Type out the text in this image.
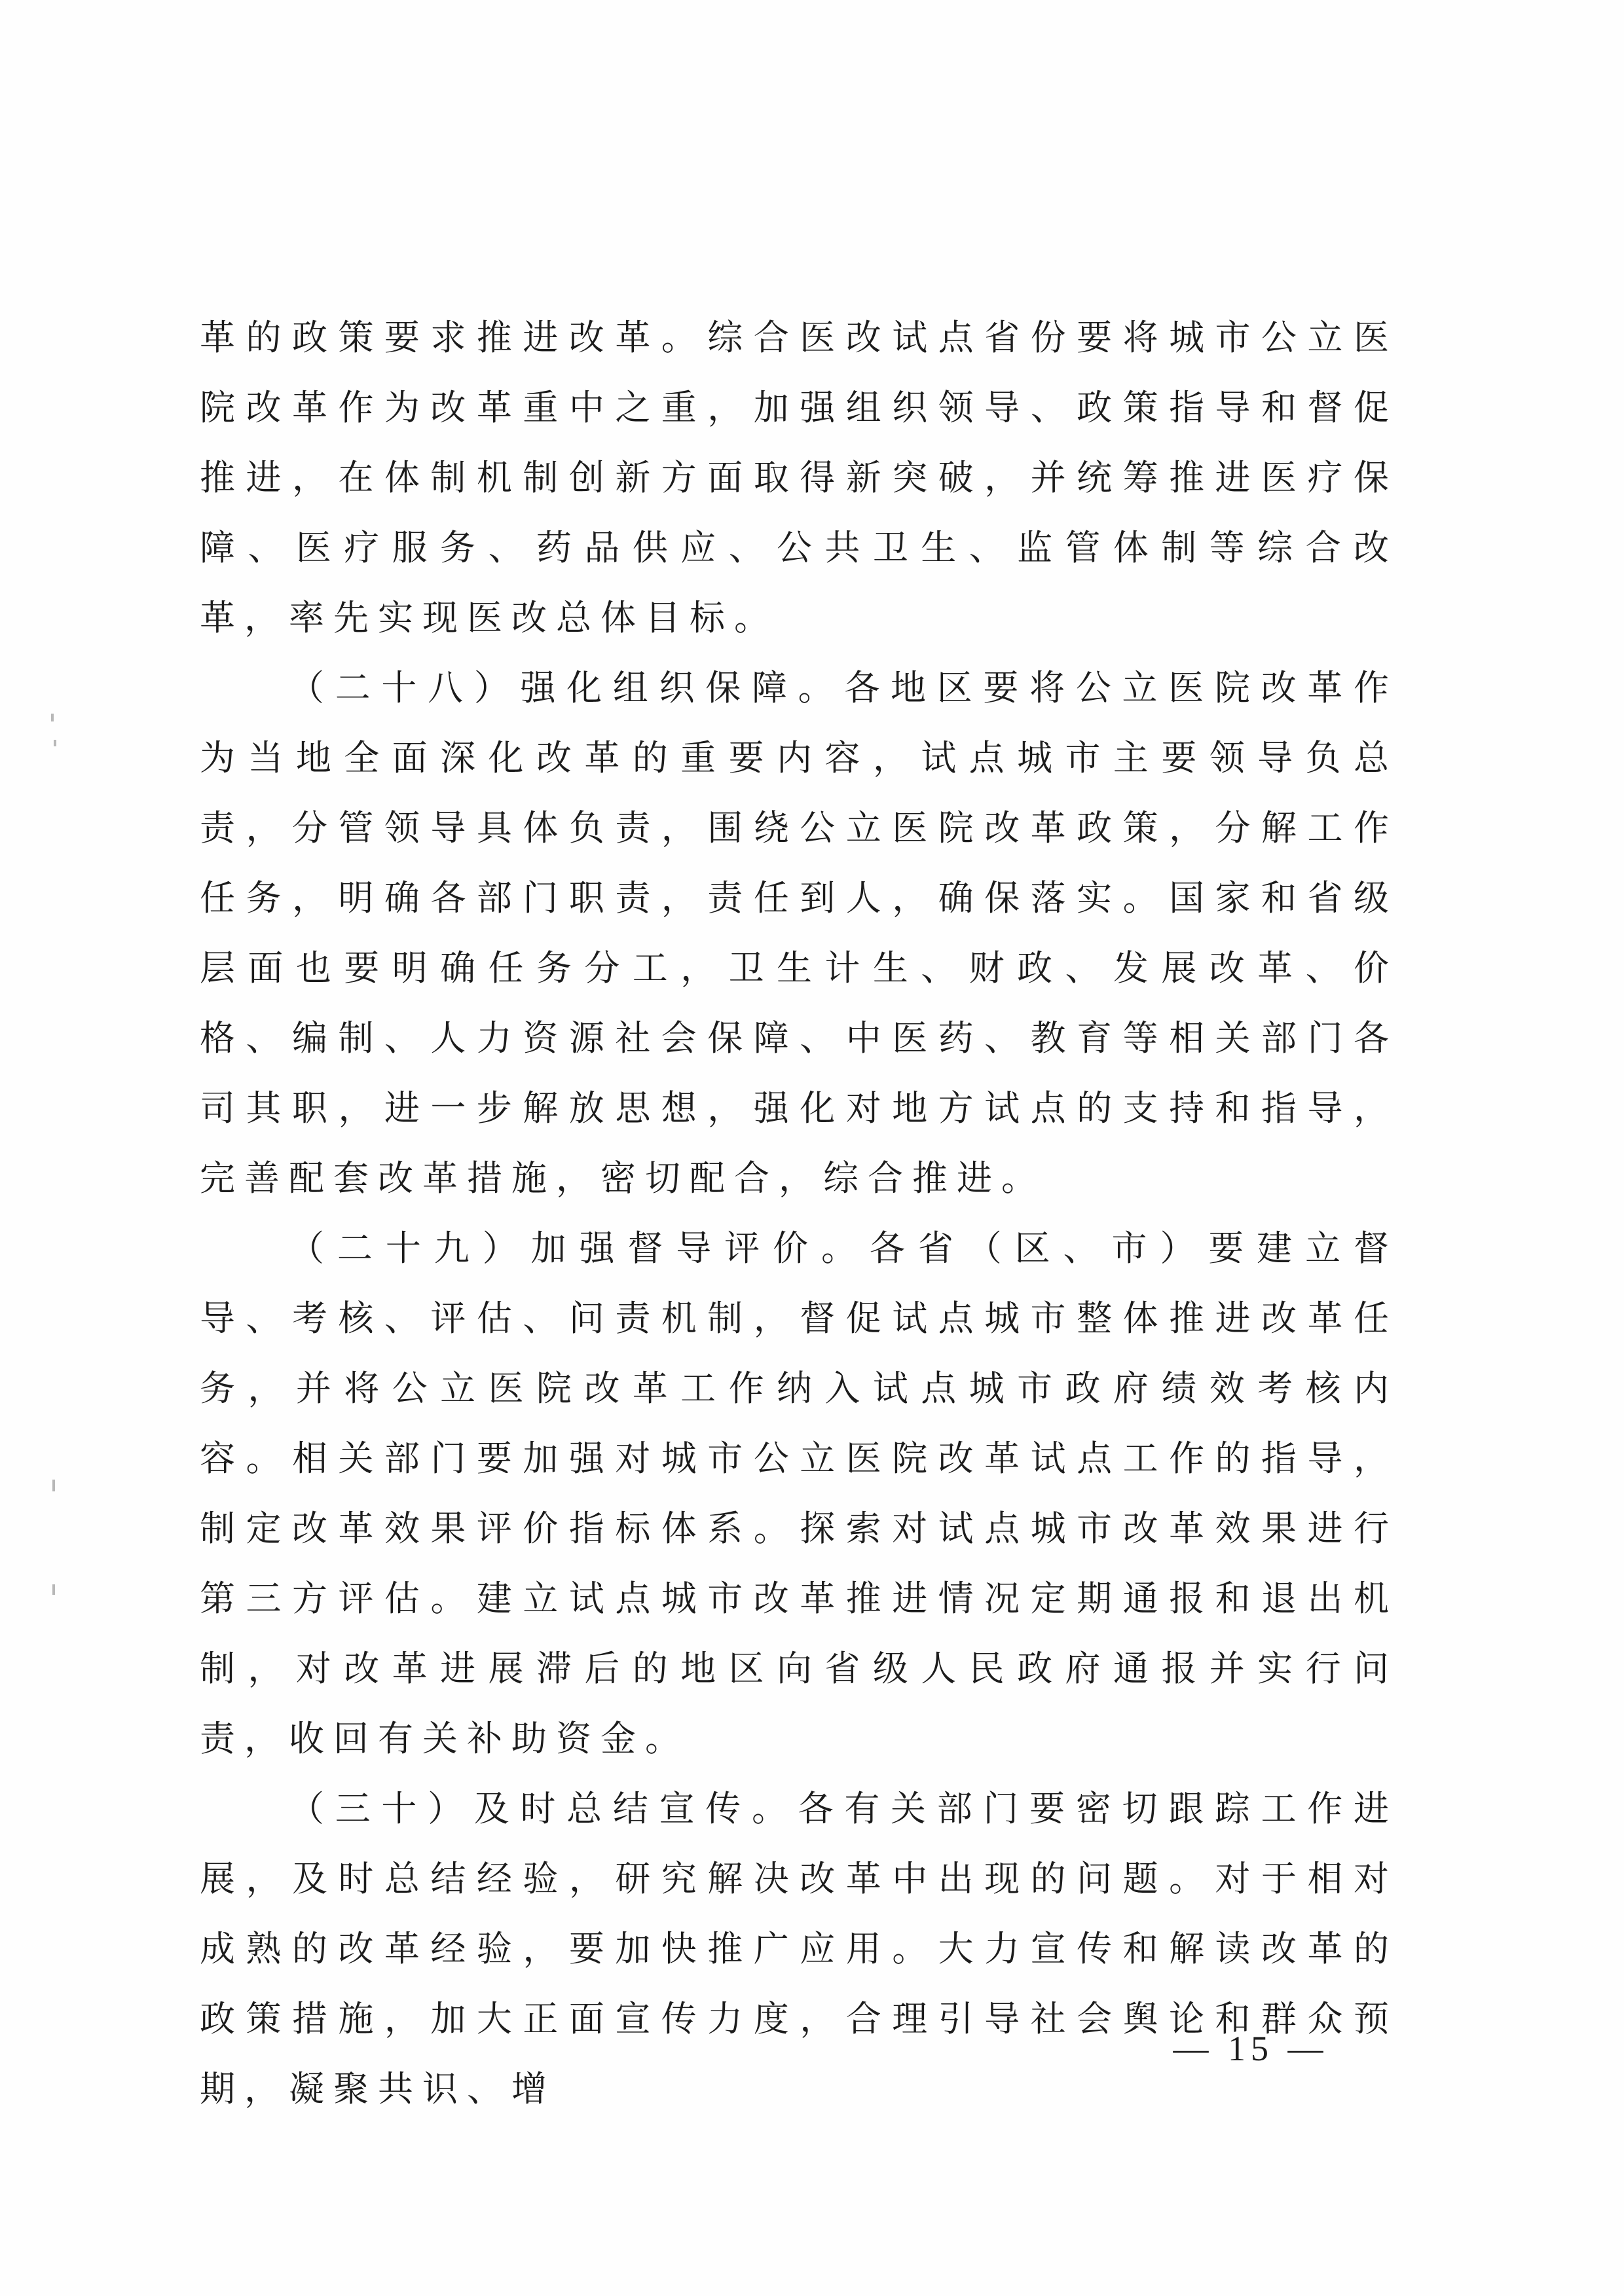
革的政策要求推进改革。综合医改试点省份要将城市公立医院改革作为改革重中之重，加强组织领导、政策指导和督促推进，在体制机制创新方面取得新突破，并统筹推进医疗保障、医疗服务、药品供应、公共卫生、监管体制等综合改革，率先实现医改总体目标。

（二十八）强化组织保障。各地区要将公立医院改革作为当地全面深化改革的重要内容，试点城市主要领导负总责，分管领导具体负责，围绕公立医院改革政策，分解工作任务，明确各部门职责，责任到人，确保落实。国家和省级层面也要明确任务分工，卫生计生、财政、发展改革、价格、编制、人力资源社会保障、中医药、教育等相关部门各司其职，进一步解放思想，强化对地方试点的支持和指导，完善配套改革措施，密切配合，综合推进。

（二十九）加强督导评价。各省（区、市）要建立督导、考核、评估、问责机制，督促试点城市整体推进改革任务，并将公立医院改革工作纳入试点城市政府绩效考核内容。相关部门要加强对城市公立医院改革试点工作的指导，制定改革效果评价指标体系。探索对试点城市改革效果进行第三方评估。建立试点城市改革推进情况定期通报和退出机制，对改革进展滞后的地区向省级人民政府通报并实行问责，收回有关补助资金。

（三十）及时总结宣传。各有关部门要密切跟踪工作进展，及时总结经验，研究解决改革中出现的问题。对于相对成熟的改革经验，要加快推广应用。大力宣传和解读改革的政策措施，加大正面宣传力度，合理引导社会舆论和群众预期，凝聚共识、增

— 15 —
